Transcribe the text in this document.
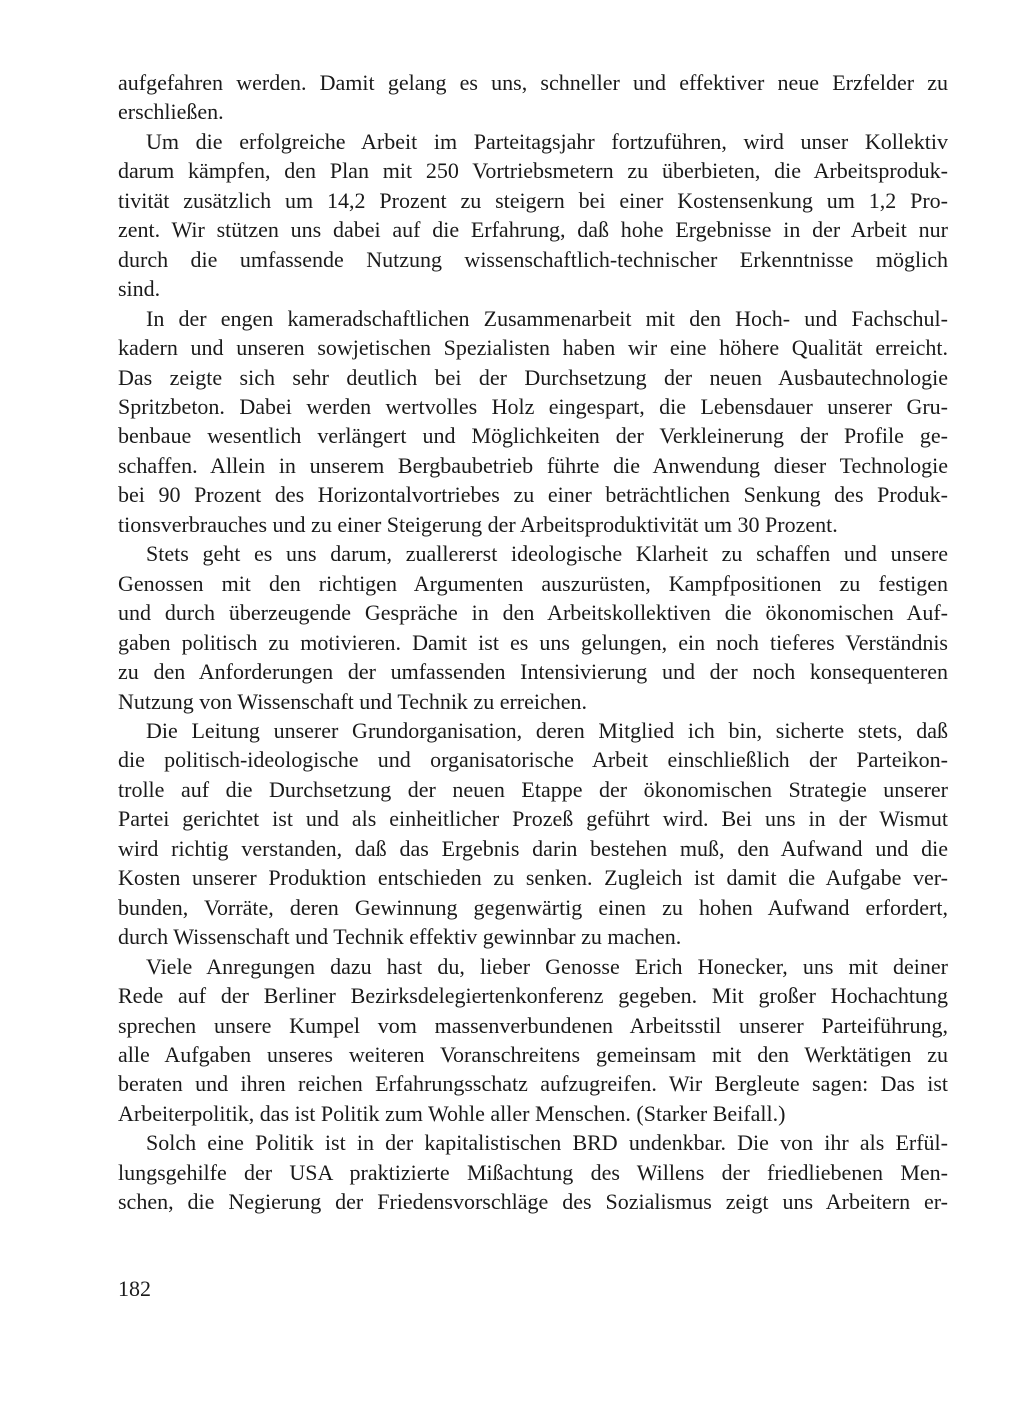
aufgefahren werden. Damit gelang es uns, schneller und effektiver neue Erzfelder zu
erschließen.

Um die erfolgreiche Arbeit im Parteitagsjahr fortzuführen, wird unser Kollektiv
darum kämpfen, den Plan mit 250 Vortriebsmetern zu überbieten, die Arbeitsproduk-
tivität zusätzlich um 14,2 Prozent zu steigern bei einer Kostensenkung um 1,2 Pro-
zent. Wir stützen uns dabei auf die Erfahrung, daß hohe Ergebnisse in der Arbeit nur
durch die umfassende Nutzung wissenschaftlich-technischer Erkenntnisse möglich
sind.

In der engen kameradschaftlichen Zusammenarbeit mit den Hoch- und Fachschul-
kadern und unseren sowjetischen Spezialisten haben wir eine höhere Qualität erreicht.
Das zeigte sich sehr deutlich bei der Durchsetzung der neuen Ausbautechnologie
Spritzbeton. Dabei werden wertvolles Holz eingespart, die Lebensdauer unserer Gru-
benbaue wesentlich verlängert und Möglichkeiten der Verkleinerung der Profile ge-
schaffen. Allein in unserem Bergbaubetrieb führte die Anwendung dieser Technologie
bei 90 Prozent des Horizontalvortriebes zu einer beträchtlichen Senkung des Produk-
tionsverbrauches und zu einer Steigerung der Arbeitsproduktivität um 30 Prozent.

Stets geht es uns darum, zuallererst ideologische Klarheit zu schaffen und unsere
Genossen mit den richtigen Argumenten auszurüsten, Kampfpositionen zu festigen
und durch überzeugende Gespräche in den Arbeitskollektiven die ökonomischen Auf-
gaben politisch zu motivieren. Damit ist es uns gelungen, ein noch tieferes Verständnis
zu den Anforderungen der umfassenden Intensivierung und der noch konsequenteren
Nutzung von Wissenschaft und Technik zu erreichen.

Die Leitung unserer Grundorganisation, deren Mitglied ich bin, sicherte stets, daß
die politisch-ideologische und organisatorische Arbeit einschließlich der Parteikon-
trolle auf die Durchsetzung der neuen Etappe der ökonomischen Strategie unserer
Partei gerichtet ist und als einheitlicher Prozeß geführt wird. Bei uns in der Wismut
wird richtig verstanden, daß das Ergebnis darin bestehen muß, den Aufwand und die
Kosten unserer Produktion entschieden zu senken. Zugleich ist damit die Aufgabe ver-
bunden, Vorräte, deren Gewinnung gegenwärtig einen zu hohen Aufwand erfordert,
durch Wissenschaft und Technik effektiv gewinnbar zu machen.

Viele Anregungen dazu hast du, lieber Genosse Erich Honecker, uns mit deiner
Rede auf der Berliner Bezirksdelegiertenkonferenz gegeben. Mit großer Hochachtung
sprechen unsere Kumpel vom massenverbundenen Arbeitsstil unserer Parteiführung,
alle Aufgaben unseres weiteren Voranschreitens gemeinsam mit den Werktätigen zu
beraten und ihren reichen Erfahrungsschatz aufzugreifen. Wir Bergleute sagen: Das ist
Arbeiterpolitik, das ist Politik zum Wohle aller Menschen. (Starker Beifall.)

Solch eine Politik ist in der kapitalistischen BRD undenkbar. Die von ihr als Erfül-
lungsgehilfe der USA praktizierte Mißachtung des Willens der friedliebenen Men-
schen, die Negierung der Friedensvorschläge des Sozialismus zeigt uns Arbeitern er-

182
